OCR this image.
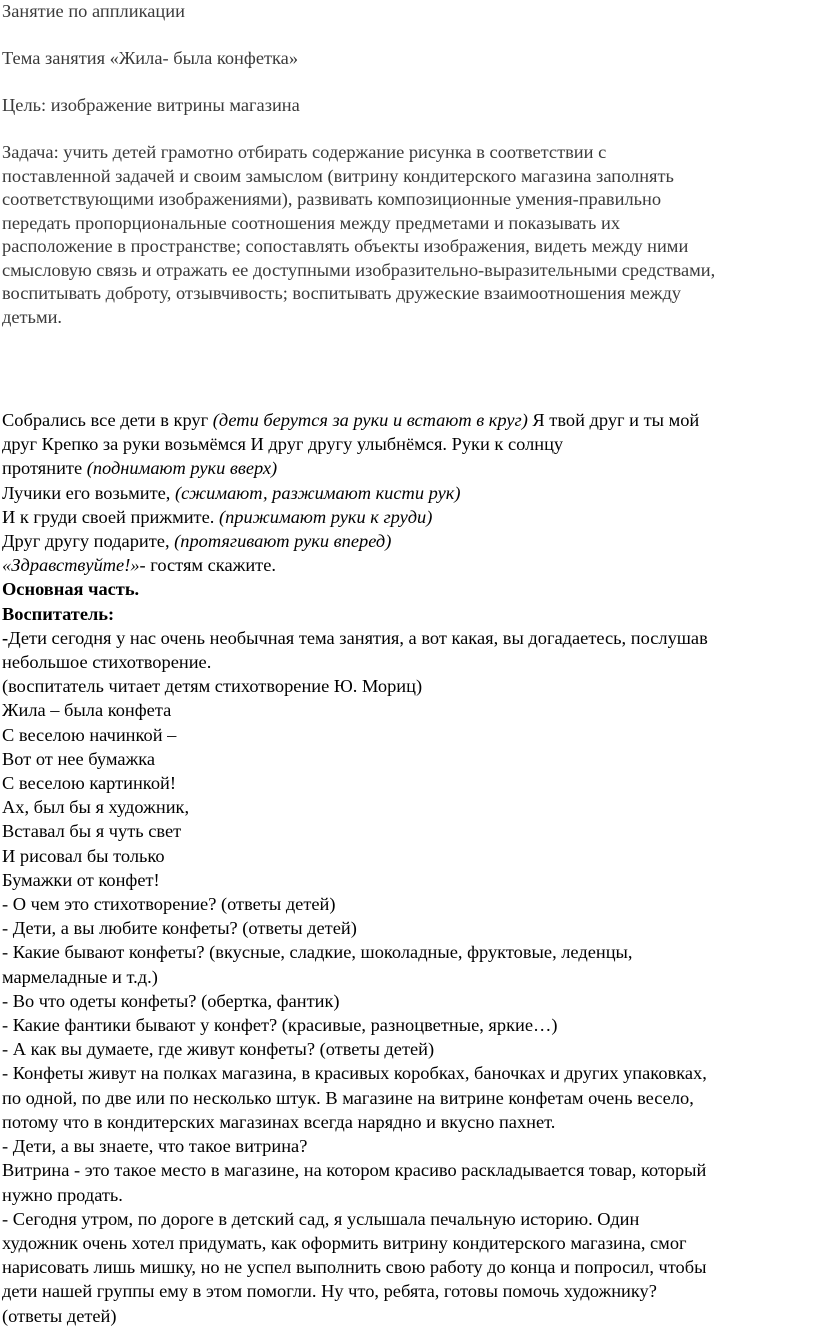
Занятие по аппликации

Тема занятия «Жила- была конфетка»

Цель: изображение витрины магазина

Задача: учить детей грамотно отбирать содержание рисунка в соответствии с

поставленной задачей и своим замыслом (витрину кондитерского магазина заполнять

соответствующими изображениями), развивать композиционные умения-правильно

передать пропорциональные соотношения между предметами и показывать их

расположение в пространстве; сопоставлять объекты изображения, видеть между ними

смысловую связь и отражать ее доступными изобразительно-выразительными средствами,

воспитывать доброту, отзывчивость; воспитывать дружеские взаимоотношения между

детьми.

Собрались все дети в круг (дети берутся за руки и встают в круг) Я твой друг и ты мой

друг Крепко за руки возьмёмся И друг другу улыбнёмся. Руки к солнцу

протяните (поднимают руки вверх)

Лучики его возьмите, (сжимают, разжимают кисти рук)

И к груди своей прижмите. (прижимают руки к груди)

Друг другу подарите, (протягивают руки вперед)

«Здравствуйте!»- гостям скажите.

Основная часть.

Воспитатель:

-Дети сегодня у нас очень необычная тема занятия, а вот какая, вы догадаетесь, послушав

небольшое стихотворение.

(воспитатель читает детям стихотворение Ю. Мориц)

Жила – была конфета

С веселою начинкой –

Вот от нее бумажка

С веселою картинкой!

Ах, был бы я художник,

Вставал бы я чуть свет

И рисовал бы только

Бумажки от конфет!

- О чем это стихотворение? (ответы детей)

- Дети, а вы любите конфеты? (ответы детей)

- Какие бывают конфеты? (вкусные, сладкие, шоколадные, фруктовые, леденцы,

мармеладные и т.д.)

- Во что одеты конфеты? (обертка, фантик)

- Какие фантики бывают у конфет? (красивые, разноцветные, яркие…)

- А как вы думаете, где живут конфеты? (ответы детей)

- Конфеты живут на полках магазина, в красивых коробках, баночках и других упаковках,

по одной, по две или по несколько штук. В магазине на витрине конфетам очень весело,

потому что в кондитерских магазинах всегда нарядно и вкусно пахнет.

- Дети, а вы знаете, что такое витрина?

Витрина - это такое место в магазине, на котором красиво раскладывается товар, который

нужно продать.

- Сегодня утром, по дороге в детский сад, я услышала печальную историю. Один

художник очень хотел придумать, как оформить витрину кондитерского магазина, смог

нарисовать лишь мишку, но не успел выполнить свою работу до конца и попросил, чтобы

дети нашей группы ему в этом помогли. Ну что, ребята, готовы помочь художнику?

(ответы детей)
